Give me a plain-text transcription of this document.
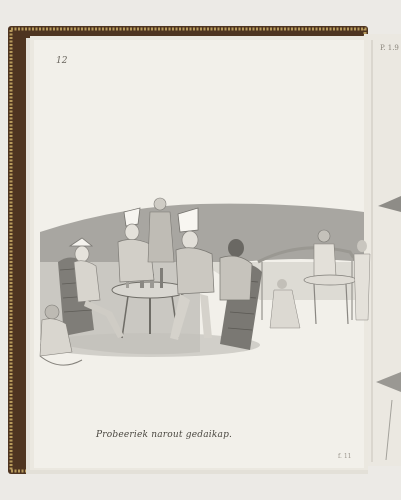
12
P. 1.9
Probeeriek narout gedaikap.
f. 11
